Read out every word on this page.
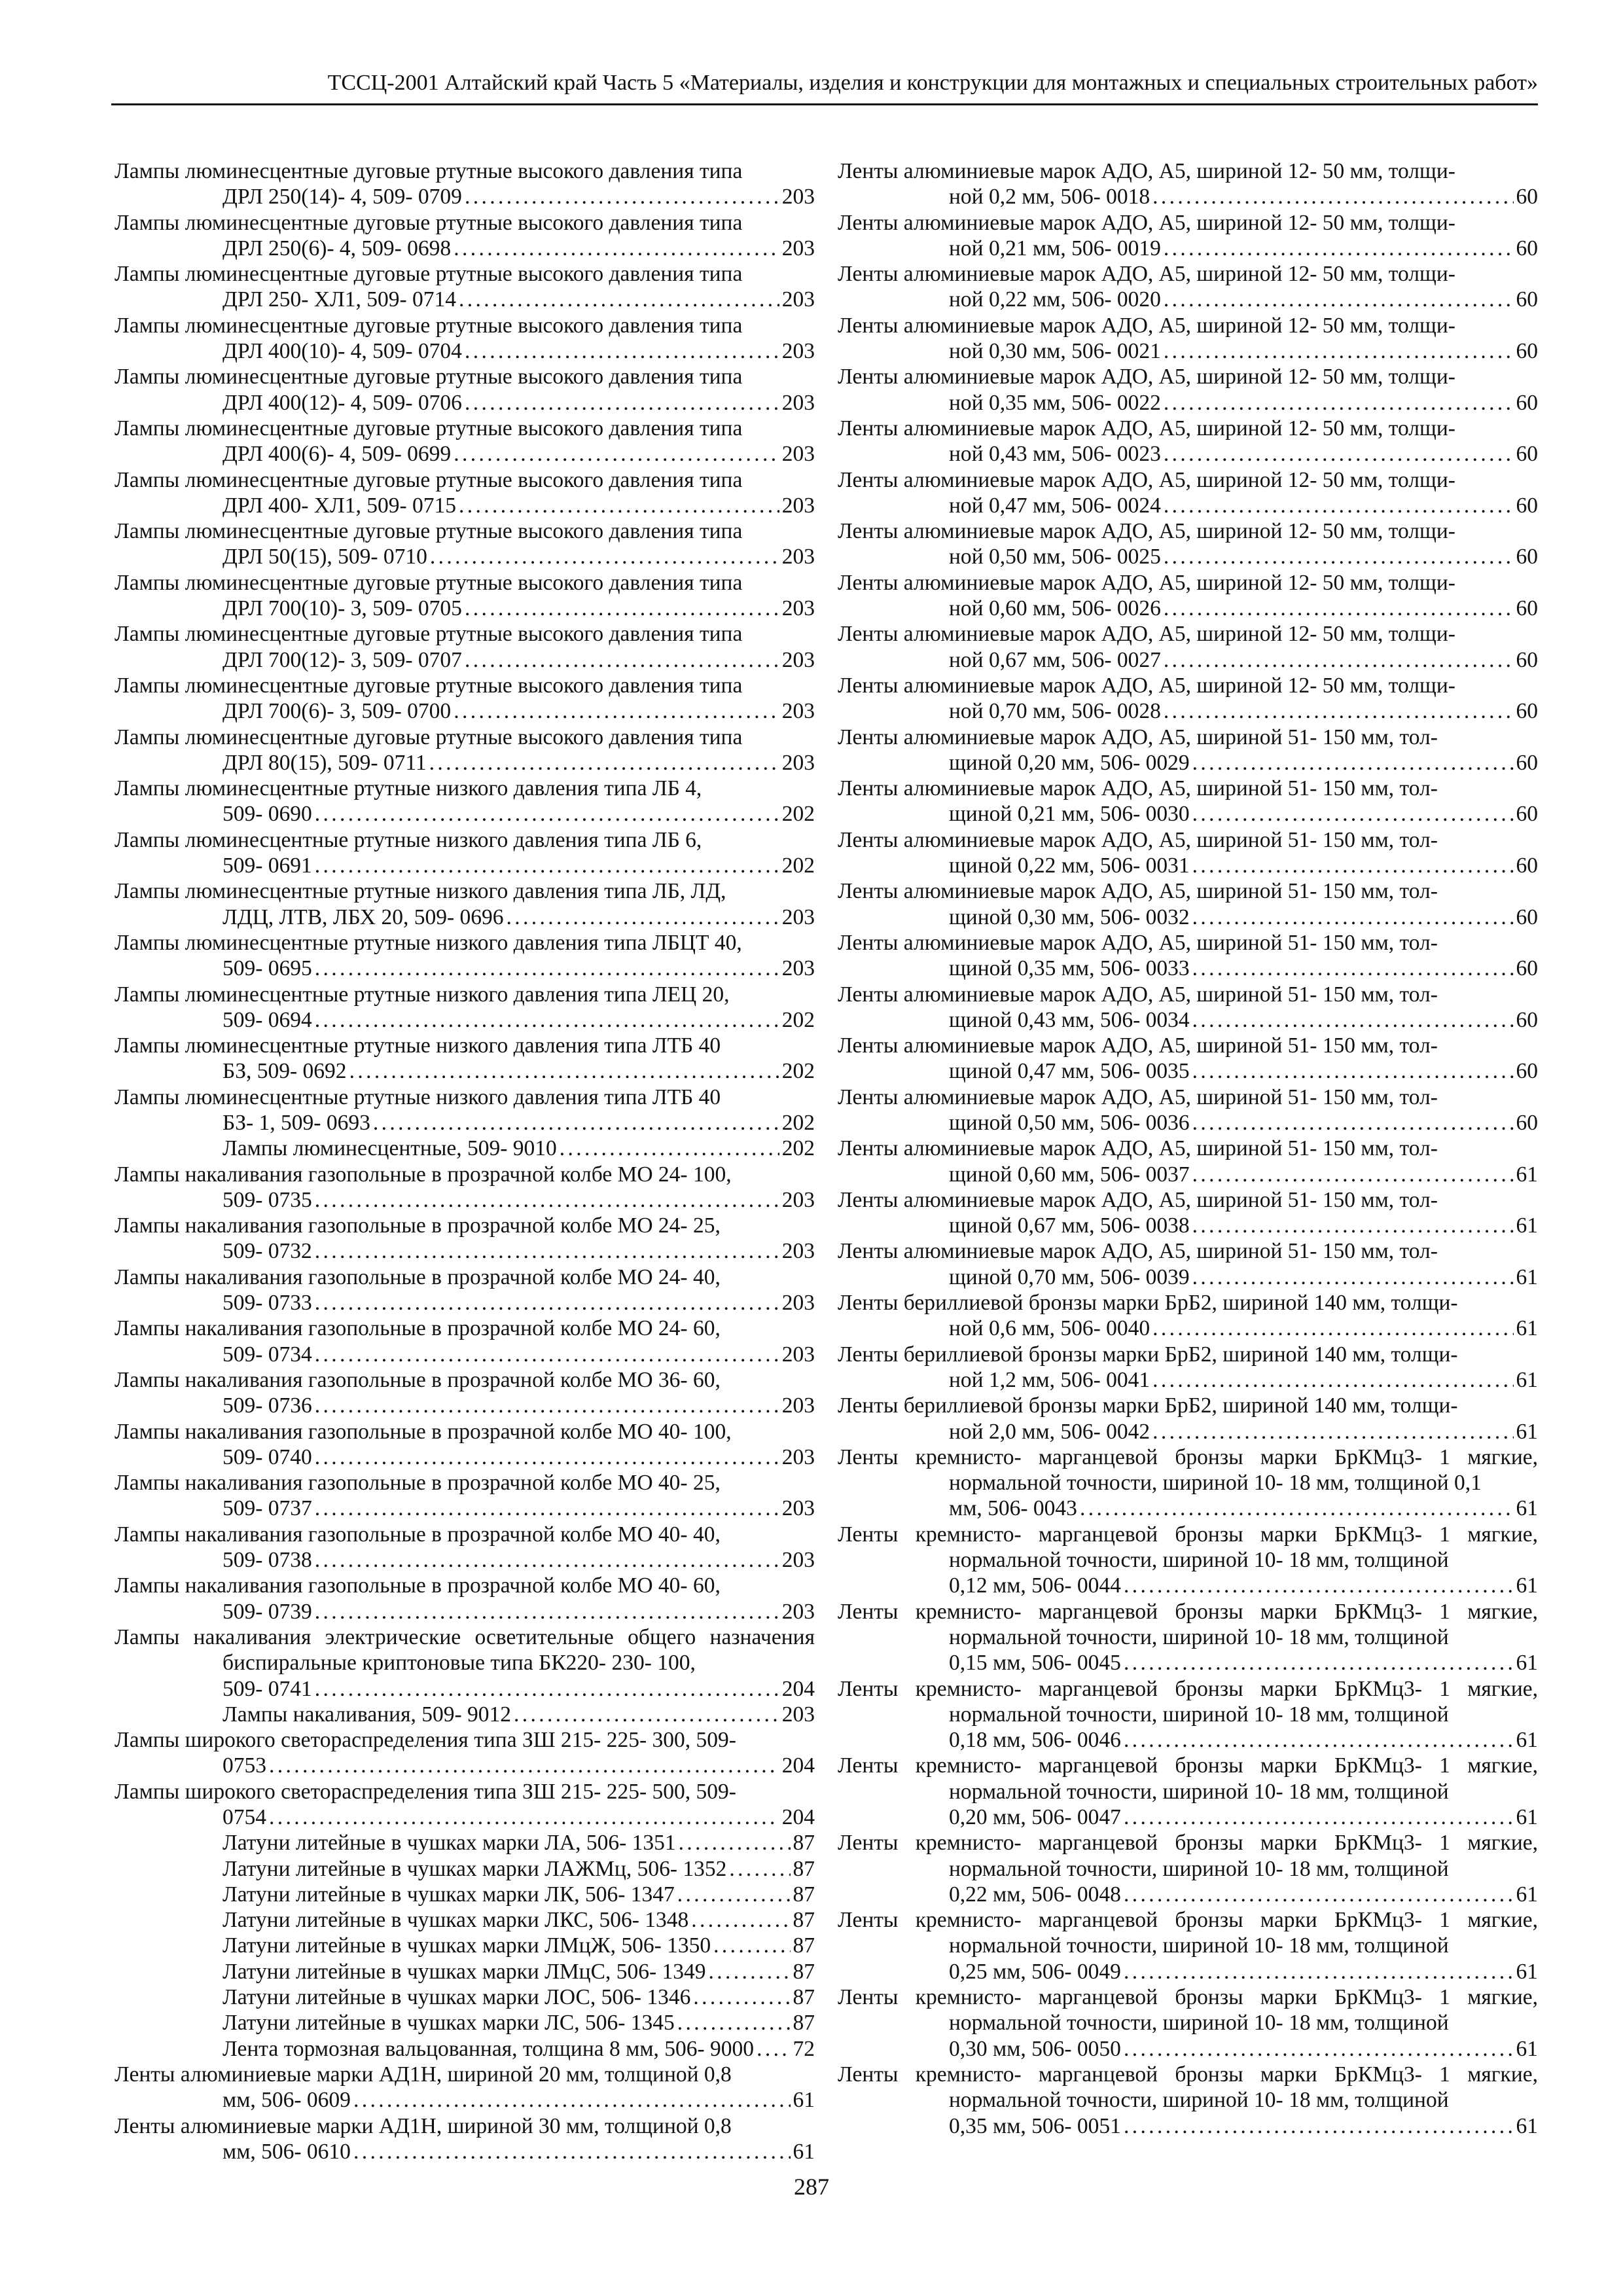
ТССЦ-2001 Алтайский край Часть 5 «Материалы, изделия и конструкции для монтажных и специальных строительных работ»
Лампы люминесцентные дуговые ртутные высокого давления типа
ДРЛ 250(14)- 4, 509- 0709 . . .	203
Лампы люминесцентные дуговые ртутные высокого давления типа
ДРЛ 250(6)- 4, 509- 0698 . . .	203
Лампы люминесцентные дуговые ртутные высокого давления типа
ДРЛ 250- ХЛ1, 509- 0714 . . .	203
Лампы люминесцентные дуговые ртутные высокого давления типа
ДРЛ 400(10)- 4, 509- 0704 . . .	203
Лампы люминесцентные дуговые ртутные высокого давления типа
ДРЛ 400(12)- 4, 509- 0706 . . .	203
Лампы люминесцентные дуговые ртутные высокого давления типа
ДРЛ 400(6)- 4, 509- 0699 . . .	203
Лампы люминесцентные дуговые ртутные высокого давления типа
ДРЛ 400- ХЛ1, 509- 0715 . . .	203
Лампы люминесцентные дуговые ртутные высокого давления типа
ДРЛ 50(15), 509- 0710 . . .	203
Лампы люминесцентные дуговые ртутные высокого давления типа
ДРЛ 700(10)- 3, 509- 0705 . . .	203
Лампы люминесцентные дуговые ртутные высокого давления типа
ДРЛ 700(12)- 3, 509- 0707 . . .	203
Лампы люминесцентные дуговые ртутные высокого давления типа
ДРЛ 700(6)- 3, 509- 0700 . . .	203
Лампы люминесцентные дуговые ртутные высокого давления типа
ДРЛ 80(15), 509- 0711 . . .	203
Лампы люминесцентные ртутные низкого давления типа ЛБ 4,
509- 0690 . . .	202
Лампы люминесцентные ртутные низкого давления типа ЛБ 6,
509- 0691 . . .	202
Лампы люминесцентные ртутные низкого давления типа ЛБ, ЛД,
ЛДЦ, ЛТВ, ЛБХ 20, 509- 0696 . . .	203
Лампы люминесцентные ртутные низкого давления типа ЛБЦТ 40,
509- 0695 . . .	203
Лампы люминесцентные ртутные низкого давления типа ЛЕЦ 20,
509- 0694 . . .	202
Лампы люминесцентные ртутные низкого давления типа ЛТБ 40
БЗ, 509- 0692 . . .	202
Лампы люминесцентные ртутные низкого давления типа ЛТБ 40
БЗ- 1, 509- 0693 . . .	202
Лампы люминесцентные, 509- 9010 . . .	202
Лампы накаливания газопольные в прозрачной колбе МО 24- 100,
509- 0735 . . .	203
Лампы накаливания газопольные в прозрачной колбе МО 24- 25,
509- 0732 . . .	203
Лампы накаливания газопольные в прозрачной колбе МО 24- 40,
509- 0733 . . .	203
Лампы накаливания газопольные в прозрачной колбе МО 24- 60,
509- 0734 . . .	203
Лампы накаливания газопольные в прозрачной колбе МО 36- 60,
509- 0736 . . .	203
Лампы накаливания газопольные в прозрачной колбе МО 40- 100,
509- 0740 . . .	203
Лампы накаливания газопольные в прозрачной колбе МО 40- 25,
509- 0737 . . .	203
Лампы накаливания газопольные в прозрачной колбе МО 40- 40,
509- 0738 . . .	203
Лампы накаливания газопольные в прозрачной колбе МО 40- 60,
509- 0739 . . .	203
Лампы накаливания электрические осветительные общего назначения биспиральные криптоновые типа БК220- 230- 100,
509- 0741 . . .	204
Лампы накаливания, 509- 9012 . . .	203
Лампы широкого светораспределения типа ЗШ 215- 225- 300, 509-
0753 . . .	204
Лампы широкого светораспределения типа ЗШ 215- 225- 500, 509-
0754 . . .	204
Латуни литейные в чушках марки ЛА, 506- 1351 . . .	87
Латуни литейные в чушках марки ЛАЖМц, 506- 1352 . . .	87
Латуни литейные в чушках марки ЛК, 506- 1347 . . .	87
Латуни литейные в чушках марки ЛКС, 506- 1348 . . .	87
Латуни литейные в чушках марки ЛМцЖ, 506- 1350 . . .	87
Латуни литейные в чушках марки ЛМцС, 506- 1349 . . .	87
Латуни литейные в чушках марки ЛОС, 506- 1346 . . .	87
Латуни литейные в чушках марки ЛС, 506- 1345 . . .	87
Лента тормозная вальцованная, толщина 8 мм, 506- 9000 . . . 72
Ленты алюминиевые марки АД1Н, шириной 20 мм, толщиной 0,8
мм, 506- 0609 . . .	61
Ленты алюминиевые марки АД1Н, шириной 30 мм, толщиной 0,8
мм, 506- 0610 . . .	61
Ленты алюминиевые марок АДО, А5, шириной 12- 50 мм, толщи-
ной 0,2 мм, 506- 0018 . . .	60
Ленты алюминиевые марок АДО, А5, шириной 12- 50 мм, толщи-
ной 0,21 мм, 506- 0019 . . .	60
Ленты алюминиевые марок АДО, А5, шириной 12- 50 мм, толщи-
ной 0,22 мм, 506- 0020 . . .	60
Ленты алюминиевые марок АДО, А5, шириной 12- 50 мм, толщи-
ной 0,30 мм, 506- 0021 . . .	60
Ленты алюминиевые марок АДО, А5, шириной 12- 50 мм, толщи-
ной 0,35 мм, 506- 0022 . . .	60
Ленты алюминиевые марок АДО, А5, шириной 12- 50 мм, толщи-
ной 0,43 мм, 506- 0023 . . .	60
Ленты алюминиевые марок АДО, А5, шириной 12- 50 мм, толщи-
ной 0,47 мм, 506- 0024 . . .	60
Ленты алюминиевые марок АДО, А5, шириной 12- 50 мм, толщи-
ной 0,50 мм, 506- 0025 . . .	60
Ленты алюминиевые марок АДО, А5, шириной 12- 50 мм, толщи-
ной 0,60 мм, 506- 0026 . . .	60
Ленты алюминиевые марок АДО, А5, шириной 12- 50 мм, толщи-
ной 0,67 мм, 506- 0027 . . .	60
Ленты алюминиевые марок АДО, А5, шириной 12- 50 мм, толщи-
ной 0,70 мм, 506- 0028 . . .	60
Ленты алюминиевые марок АДО, А5, шириной 51- 150 мм, тол-
щиной 0,20 мм, 506- 0029 . . .	60
Ленты алюминиевые марок АДО, А5, шириной 51- 150 мм, тол-
щиной 0,21 мм, 506- 0030 . . .	60
Ленты алюминиевые марок АДО, А5, шириной 51- 150 мм, тол-
щиной 0,22 мм, 506- 0031 . . .	60
Ленты алюминиевые марок АДО, А5, шириной 51- 150 мм, тол-
щиной 0,30 мм, 506- 0032 . . .	60
Ленты алюминиевые марок АДО, А5, шириной 51- 150 мм, тол-
щиной 0,35 мм, 506- 0033 . . .	60
Ленты алюминиевые марок АДО, А5, шириной 51- 150 мм, тол-
щиной 0,43 мм, 506- 0034 . . .	60
Ленты алюминиевые марок АДО, А5, шириной 51- 150 мм, тол-
щиной 0,47 мм, 506- 0035 . . .	60
Ленты алюминиевые марок АДО, А5, шириной 51- 150 мм, тол-
щиной 0,50 мм, 506- 0036 . . .	60
Ленты алюминиевые марок АДО, А5, шириной 51- 150 мм, тол-
щиной 0,60 мм, 506- 0037 . . .	61
Ленты алюминиевые марок АДО, А5, шириной 51- 150 мм, тол-
щиной 0,67 мм, 506- 0038 . . .	61
Ленты алюминиевые марок АДО, А5, шириной 51- 150 мм, тол-
щиной 0,70 мм, 506- 0039 . . .	61
Ленты бериллиевой бронзы марки БрБ2, шириной 140 мм, толщи-
ной 0,6 мм, 506- 0040 . . .	61
Ленты бериллиевой бронзы марки БрБ2, шириной 140 мм, толщи-
ной 1,2 мм, 506- 0041 . . .	61
Ленты бериллиевой бронзы марки БрБ2, шириной 140 мм, толщи-
ной 2,0 мм, 506- 0042 . . .	61
Ленты кремнисто- марганцевой бронзы марки БрКМц3- 1 мягкие, нормальной точности, шириной 10- 18 мм, толщиной 0,1
мм, 506- 0043 . . .	61
Ленты кремнисто- марганцевой бронзы марки БрКМц3- 1 мягкие, нормальной точности, шириной 10- 18 мм, толщиной
0,12 мм, 506- 0044 . . .	61
Ленты кремнисто- марганцевой бронзы марки БрКМц3- 1 мягкие, нормальной точности, шириной 10- 18 мм, толщиной
0,15 мм, 506- 0045 . . .	61
Ленты кремнисто- марганцевой бронзы марки БрКМц3- 1 мягкие, нормальной точности, шириной 10- 18 мм, толщиной
0,18 мм, 506- 0046 . . .	61
Ленты кремнисто- марганцевой бронзы марки БрКМц3- 1 мягкие, нормальной точности, шириной 10- 18 мм, толщиной
0,20 мм, 506- 0047 . . .	61
Ленты кремнисто- марганцевой бронзы марки БрКМц3- 1 мягкие, нормальной точности, шириной 10- 18 мм, толщиной
0,22 мм, 506- 0048 . . .	61
Ленты кремнисто- марганцевой бронзы марки БрКМц3- 1 мягкие, нормальной точности, шириной 10- 18 мм, толщиной
0,25 мм, 506- 0049 . . .	61
Ленты кремнисто- марганцевой бронзы марки БрКМц3- 1 мягкие, нормальной точности, шириной 10- 18 мм, толщиной
0,30 мм, 506- 0050 . . .	61
Ленты кремнисто- марганцевой бронзы марки БрКМц3- 1 мягкие, нормальной точности, шириной 10- 18 мм, толщиной
0,35 мм, 506- 0051 . . .	61
287
